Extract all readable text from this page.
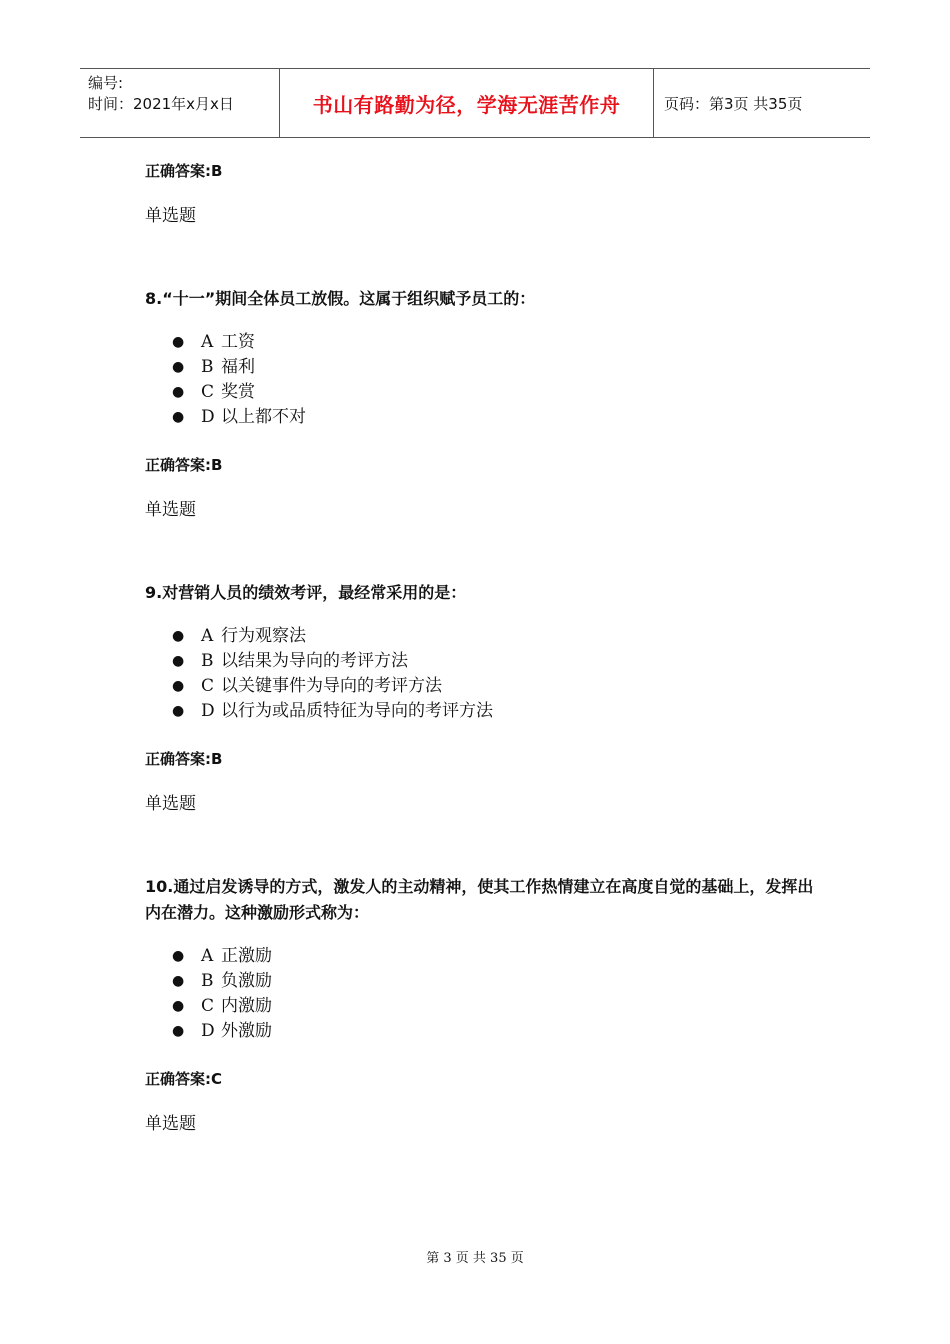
编号:
时间：2021年x月x日	书山有路勤为径，学海无涯苦作舟	页码：第3页 共35页

正确答案:B

单选题

8.“十一”期间全体员工放假。这属于组织赋予员工的：

● A 工资
● B 福利
● C 奖赏
● D 以上都不对

正确答案:B

单选题

9.对营销人员的绩效考评，最经常采用的是：

● A 行为观察法
● B 以结果为导向的考评方法
● C 以关键事件为导向的考评方法
● D 以行为或品质特征为导向的考评方法

正确答案:B

单选题

10.通过启发诱导的方式，激发人的主动精神，使其工作热情建立在高度自觉的基础上，发挥出内在潜力。这种激励形式称为：

● A 正激励
● B 负激励
● C 内激励
● D 外激励

正确答案:C

单选题

第 3 页 共 35 页
